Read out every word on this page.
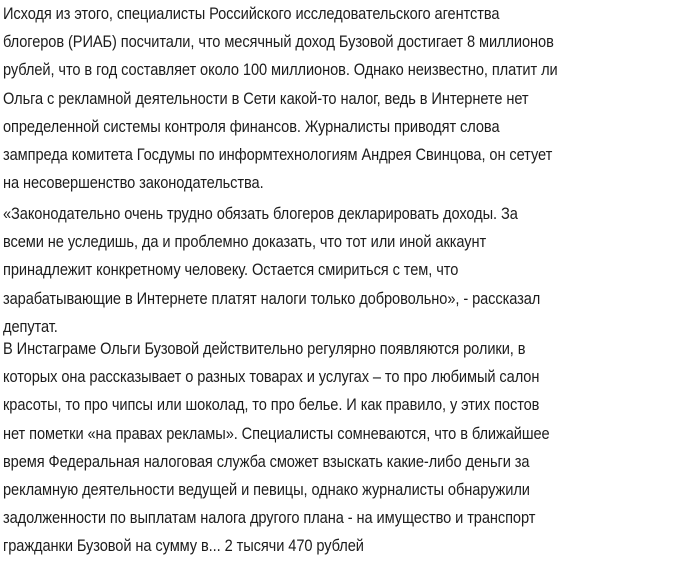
Исходя из этого, специалисты Российского исследовательского агентства
блогеров (РИАБ) посчитали, что месячный доход Бузовой достигает 8 миллионов
рублей, что в год составляет около 100 миллионов. Однако неизвестно, платит ли
Ольга с рекламной деятельности в Сети какой-то налог, ведь в Интернете нет
определенной системы контроля финансов. Журналисты приводят слова
зампреда комитета Госдумы по информтехнологиям Андрея Свинцова, он сетует
на несовершенство законодательства.

«Законодательно очень трудно обязать блогеров декларировать доходы. За
всеми не уследишь, да и проблемно доказать, что тот или иной аккаунт
принадлежит конкретному человеку. Остается смириться с тем, что
зарабатывающие в Интернете платят налоги только добровольно», - рассказал
депутат.

В Инстаграме Ольги Бузовой действительно регулярно появляются ролики, в
которых она рассказывает о разных товарах и услугах – то про любимый салон
красоты, то про чипсы или шоколад, то про белье. И как правило, у этих постов
нет пометки «на правах рекламы». Специалисты сомневаются, что в ближайшее
время Федеральная налоговая служба сможет взыскать какие-либо деньги за
рекламную деятельности ведущей и певицы, однако журналисты обнаружили
задолженности по выплатам налога другого плана - на имущество и транспорт
гражданки Бузовой на сумму в... 2 тысячи 470 рублей
